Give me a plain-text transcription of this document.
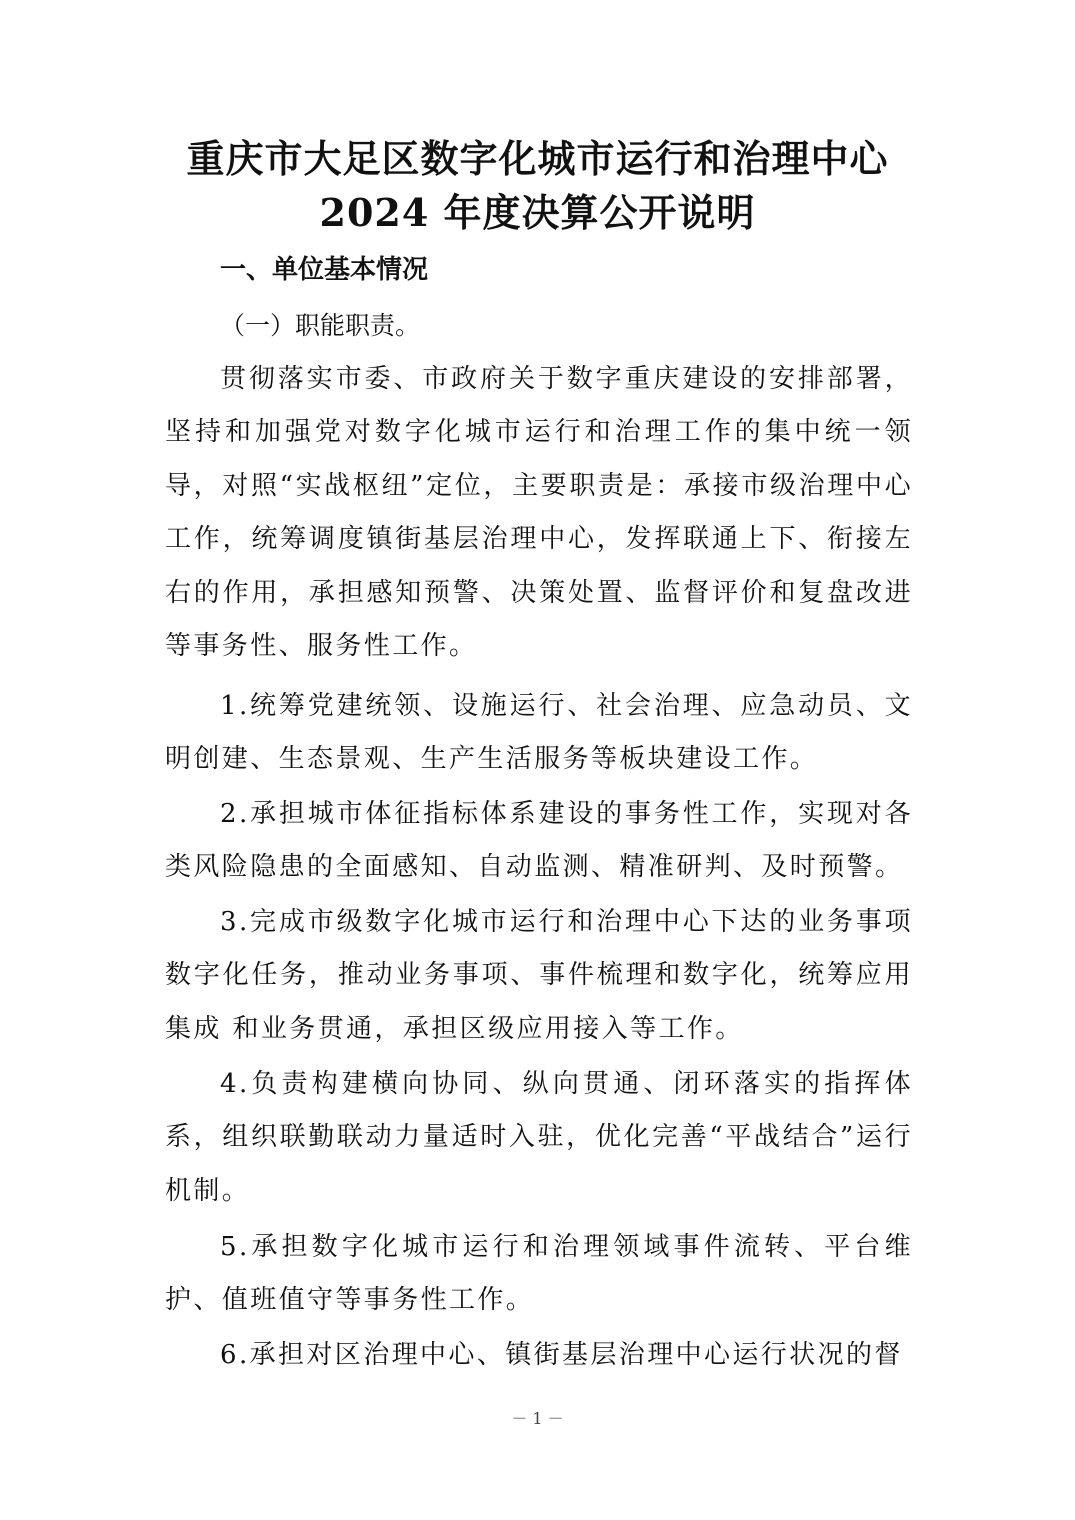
重庆市大足区数字化城市运行和治理中心
2024 年度决算公开说明
一、单位基本情况
（一）职能职责。

贯彻落实市委、市政府关于数字重庆建设的安排部署，坚持和加强党对数字化城市运行和治理工作的集中统一领导，对照“实战枢纽”定位，主要职责是：承接市级治理中心工作，统筹调度镇街基层治理中心，发挥联通上下、衔接左右的作用，承担感知预警、决策处置、监督评价和复盘改进等事务性、服务性工作。

1.统筹党建统领、设施运行、社会治理、应急动员、文 明创建、生态景观、生产生活服务等板块建设工作。

2.承担城市体征指标体系建设的事务性工作，实现对各类风险隐患的全面感知、自动监测、精准研判、及时预警。

3.完成市级数字化城市运行和治理中心下达的业务事项数字化任务，推动业务事项、事件梳理和数字化，统筹应用集成 和业务贯通，承担区级应用接入等工作。

4.负责构建横向协同、纵向贯通、闭环落实的指挥体系，组织联勤联动力量适时入驻，优化完善“平战结合”运行机制。

5.承担数字化城市运行和治理领域事件流转、平台维护、值班值守等事务性工作。

6.承担对区治理中心、镇街基层治理中心运行状况的督

－ 1 －
